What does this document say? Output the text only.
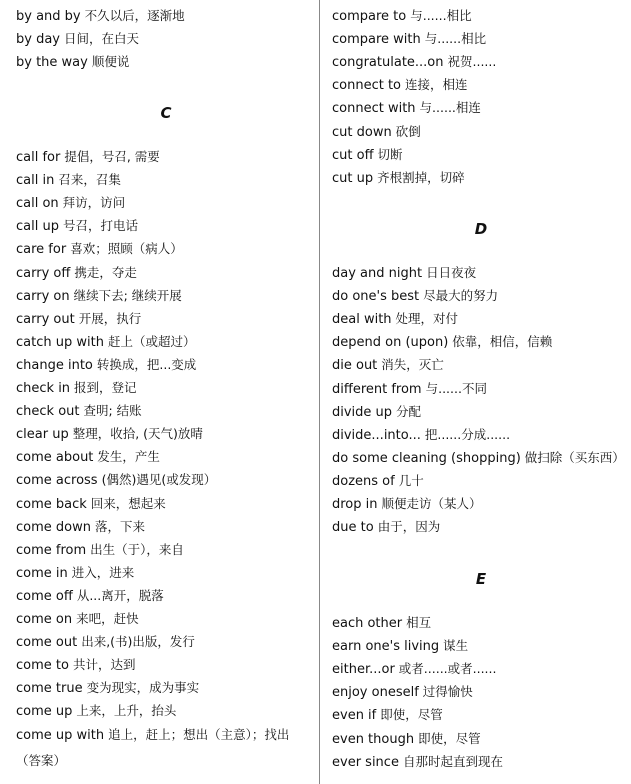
C
（答案）
by and by 不久以后，逐渐地
by day 日间，在白天
by the way 顺便说
call for 提倡，号召, 需要
call in 召来，召集
call on 拜访，访问
call up 号召，打电话
care for 喜欢；照顾（病人）
carry off 携走，夺走
carry on 继续下去; 继续开展
carry out 开展，执行
catch up with 赶上（或超过）
change into 转换成，把...变成
check in 报到，登记
check out 查明; 结账
clear up 整理，收拾, (天气)放晴
come about 发生，产生
come across (偶然)遇见(或发现）
come back 回来，想起来
come down 落，下来
come from 出生（于），来自
come in 进入，进来
come off 从...离开，脱落
come on 来吧，赶快
come out 出来,(书)出版，发行
come to 共计，达到
come true 变为现实，成为事实
come up 上来，上升，抬头
come up with 追上，赶上；想出（主意）；找出
D
E
compare to 与......相比
compare with 与......相比
congratulate...on 祝贺......
connect to 连接，相连
connect with 与......相连
cut down 砍倒
cut off 切断
cut up 齐根割掉，切碎
day and night 日日夜夜
do one's best 尽最大的努力
deal with 处理，对付
depend on (upon) 依靠，相信，信赖
die out 消失，灭亡
different from 与......不同
divide up 分配
divide...into... 把......分成......
do some cleaning (shopping) 做扫除（买东西）
dozens of 几十
drop in 顺便走访（某人）
due to 由于，因为
each other 相互
earn one's living 谋生
either...or 或者......或者......
enjoy oneself 过得愉快
even if 即使，尽管
even though 即使，尽管
ever since 自那时起直到现在
